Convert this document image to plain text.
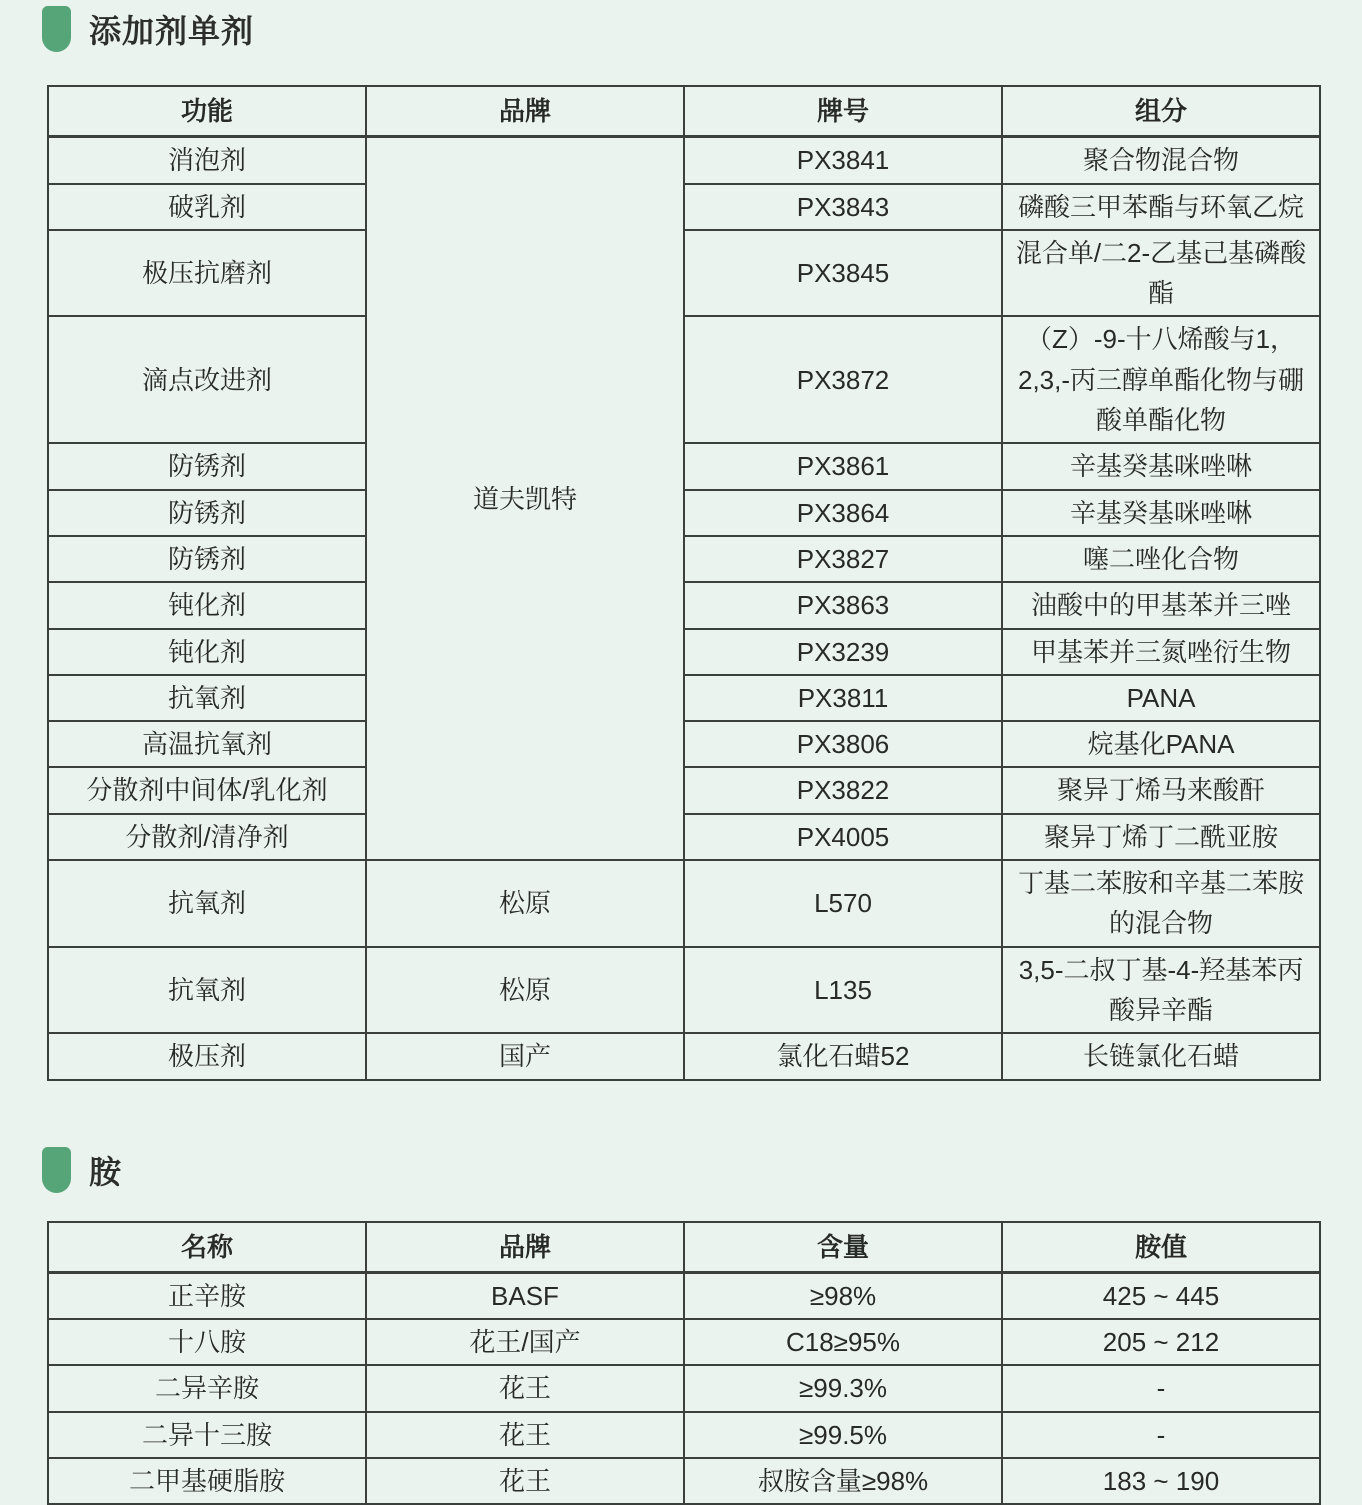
添加剂单剂
功能	品牌	牌号	组分
消泡剂	道夫凯特	PX3841	聚合物混合物
破乳剂		PX3843	磷酸三甲苯酯与环氧乙烷
极压抗磨剂		PX3845	混合单/二2-乙基己基磷酸酯
滴点改进剂		PX3872	（Z）-9-十八烯酸与1，2,3,-丙三醇单酯化物与硼酸单酯化物
防锈剂		PX3861	辛基癸基咪唑啉
防锈剂		PX3864	辛基癸基咪唑啉
防锈剂		PX3827	噻二唑化合物
钝化剂		PX3863	油酸中的甲基苯并三唑
钝化剂		PX3239	甲基苯并三氮唑衍生物
抗氧剂		PX3811	PANA
高温抗氧剂		PX3806	烷基化PANA
分散剂中间体/乳化剂		PX3822	聚异丁烯马来酸酐
分散剂/清净剂		PX4005	聚异丁烯丁二酰亚胺
抗氧剂	松原	L570	丁基二苯胺和辛基二苯胺的混合物
抗氧剂	松原	L135	3,5-二叔丁基-4-羟基苯丙酸异辛酯
极压剂	国产	氯化石蜡52	长链氯化石蜡
胺
名称	品牌	含量	胺值
正辛胺	BASF	≥98%	425 ~ 445
十八胺	花王/国产	C18≥95%	205 ~ 212
二异辛胺	花王	≥99.3%	-
二异十三胺	花王	≥99.5%	-
二甲基硬脂胺	花王	叔胺含量≥98%	183 ~ 190
